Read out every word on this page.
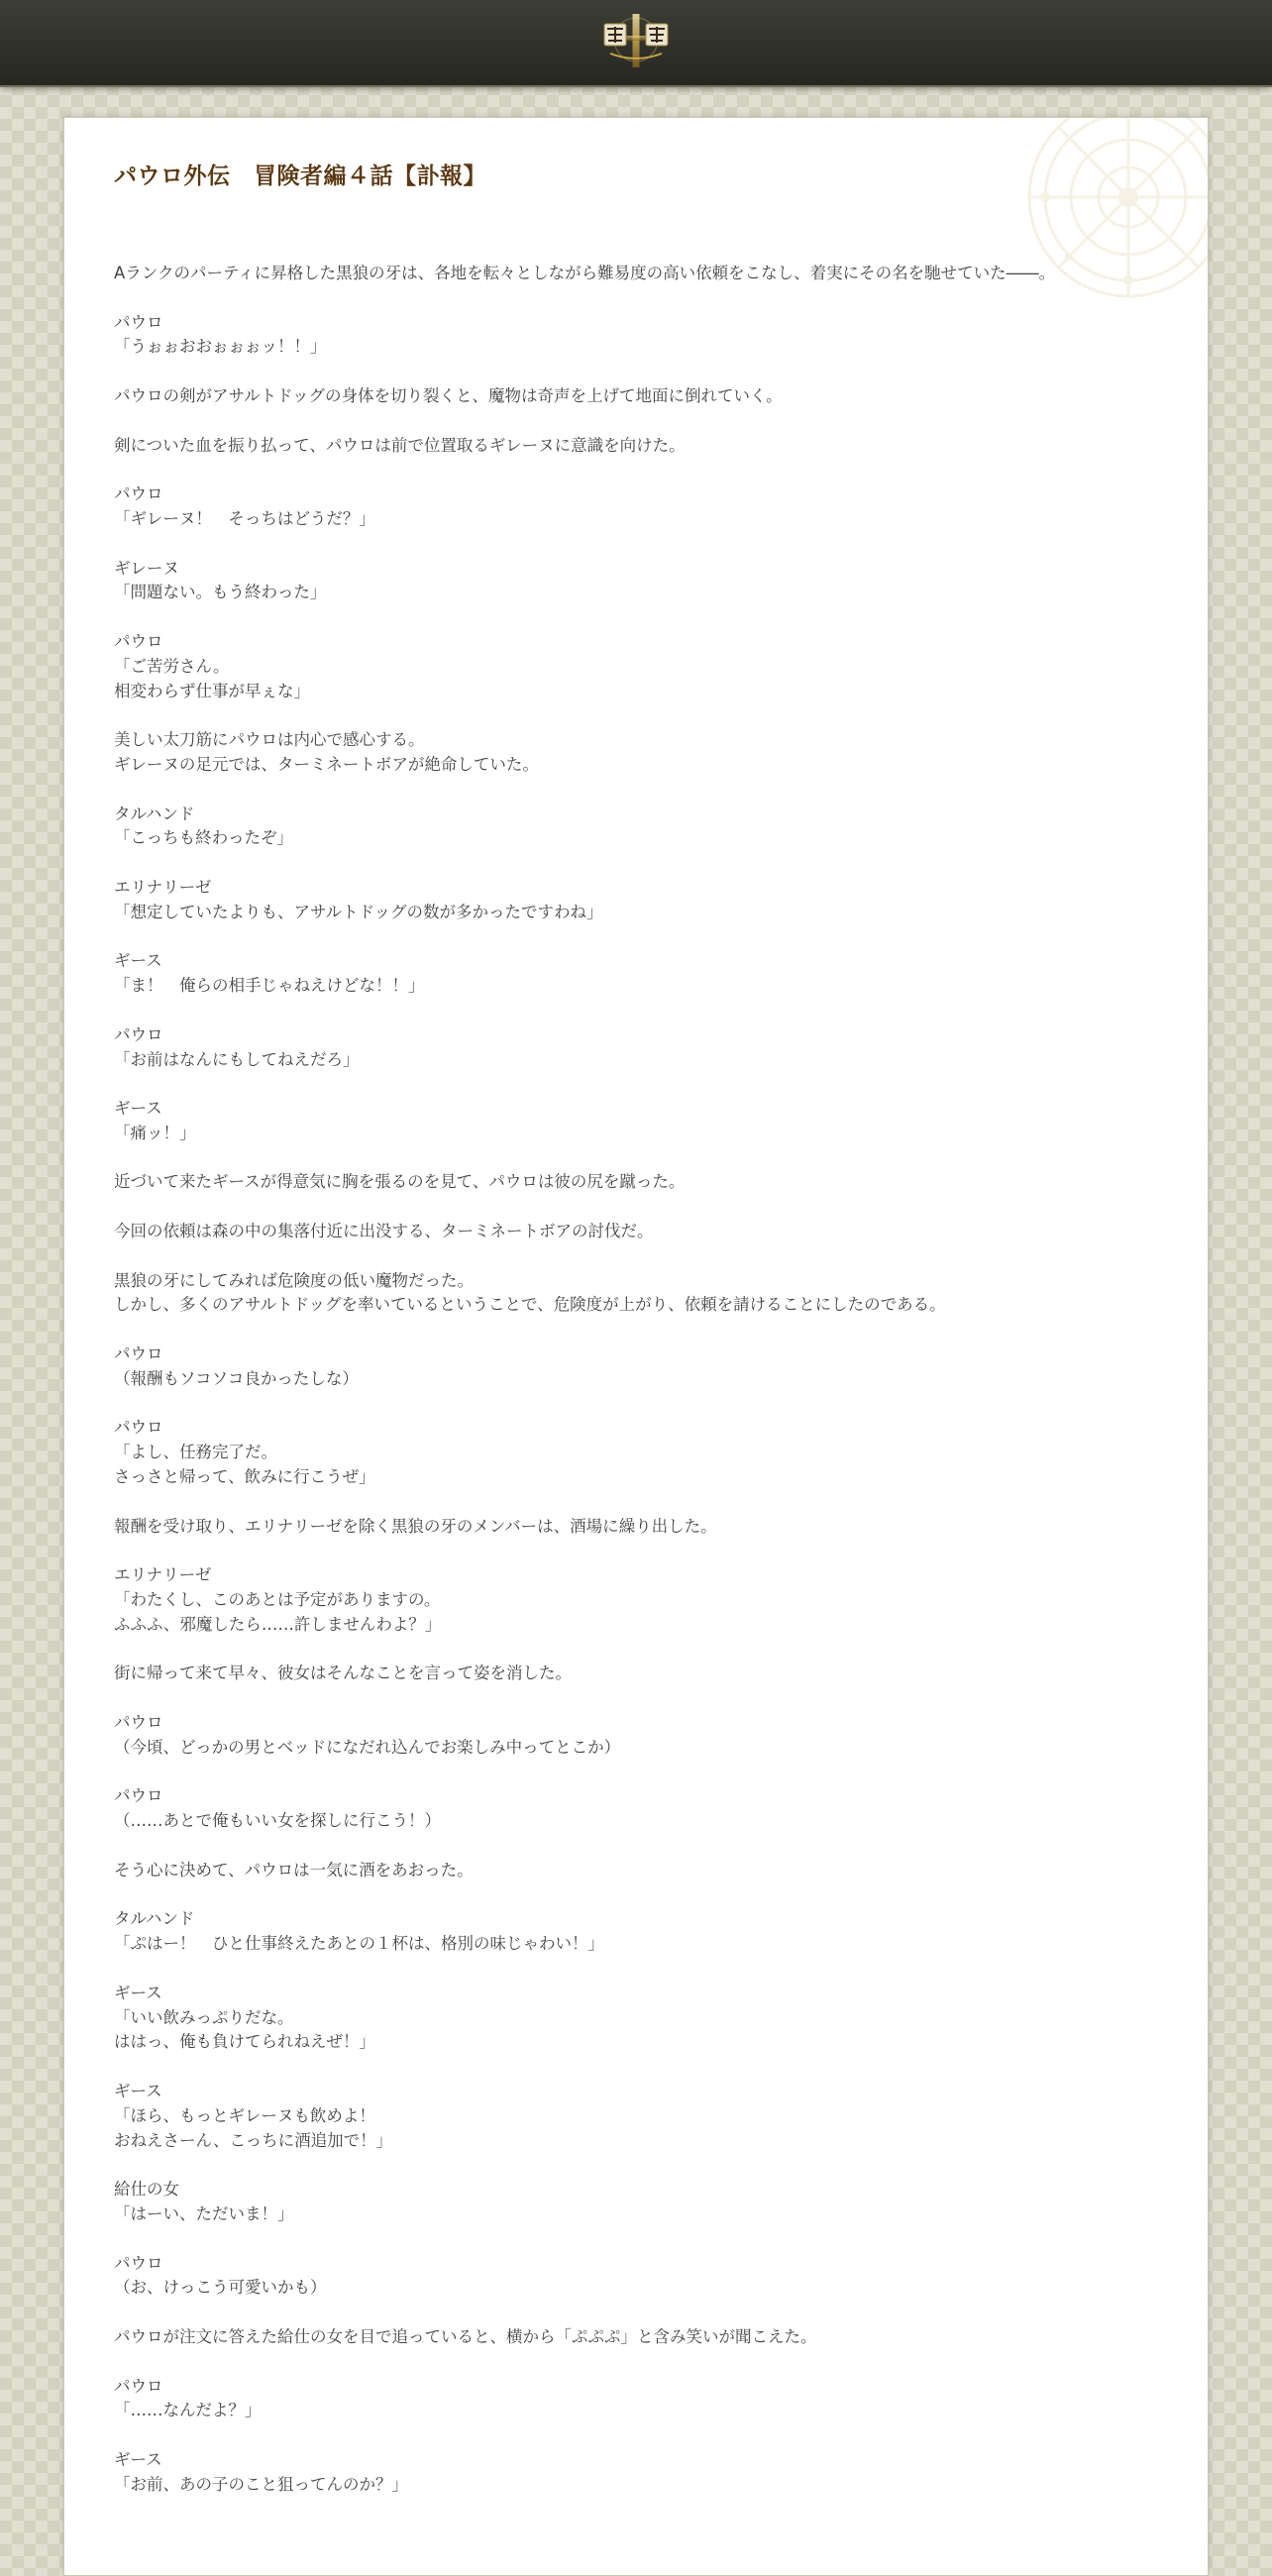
パウロ外伝　冒険者編４話【訃報】
Aランクのパーティに昇格した黒狼の牙は、各地を転々としながら難易度の高い依頼をこなし、着実にその名を馳せていた――。
パウロ
「うぉぉおおぉぉぉッ！！」
パウロの剣がアサルトドッグの身体を切り裂くと、魔物は奇声を上げて地面に倒れていく。
剣についた血を振り払って、パウロは前で位置取るギレーヌに意識を向けた。
パウロ
「ギレーヌ！　そっちはどうだ？」
ギレーヌ
「問題ない。もう終わった」
パウロ
「ご苦労さん。
相変わらず仕事が早ぇな」
美しい太刀筋にパウロは内心で感心する。
ギレーヌの足元では、ターミネートボアが絶命していた。
タルハンド
「こっちも終わったぞ」
エリナリーゼ
「想定していたよりも、アサルトドッグの数が多かったですわね」
ギース
「ま！　俺らの相手じゃねえけどな！！」
パウロ
「お前はなんにもしてねえだろ」
ギース
「痛ッ！」
近づいて来たギースが得意気に胸を張るのを見て、パウロは彼の尻を蹴った。
今回の依頼は森の中の集落付近に出没する、ターミネートボアの討伐だ。
黒狼の牙にしてみれば危険度の低い魔物だった。
しかし、多くのアサルトドッグを率いているということで、危険度が上がり、依頼を請けることにしたのである。
パウロ
（報酬もソコソコ良かったしな）
パウロ
「よし、任務完了だ。
さっさと帰って、飲みに行こうぜ」
報酬を受け取り、エリナリーゼを除く黒狼の牙のメンバーは、酒場に繰り出した。
エリナリーゼ
「わたくし、このあとは予定がありますの。
ふふふ、邪魔したら……許しませんわよ？」
街に帰って来て早々、彼女はそんなことを言って姿を消した。
パウロ
（今頃、どっかの男とベッドになだれ込んでお楽しみ中ってとこか）
パウロ
（……あとで俺もいい女を探しに行こう！）
そう心に決めて、パウロは一気に酒をあおった。
タルハンド
「ぷはー！　ひと仕事終えたあとの１杯は、格別の味じゃわい！」
ギース
「いい飲みっぷりだな。
ははっ、俺も負けてられねえぜ！」
ギース
「ほら、もっとギレーヌも飲めよ！
おねえさーん、こっちに酒追加で！」
給仕の女
「はーい、ただいま！」
パウロ
（お、けっこう可愛いかも）
パウロが注文に答えた給仕の女を目で追っていると、横から「ぷぷぷ」と含み笑いが聞こえた。
パウロ
「……なんだよ？」
ギース
「お前、あの子のこと狙ってんのか？」
